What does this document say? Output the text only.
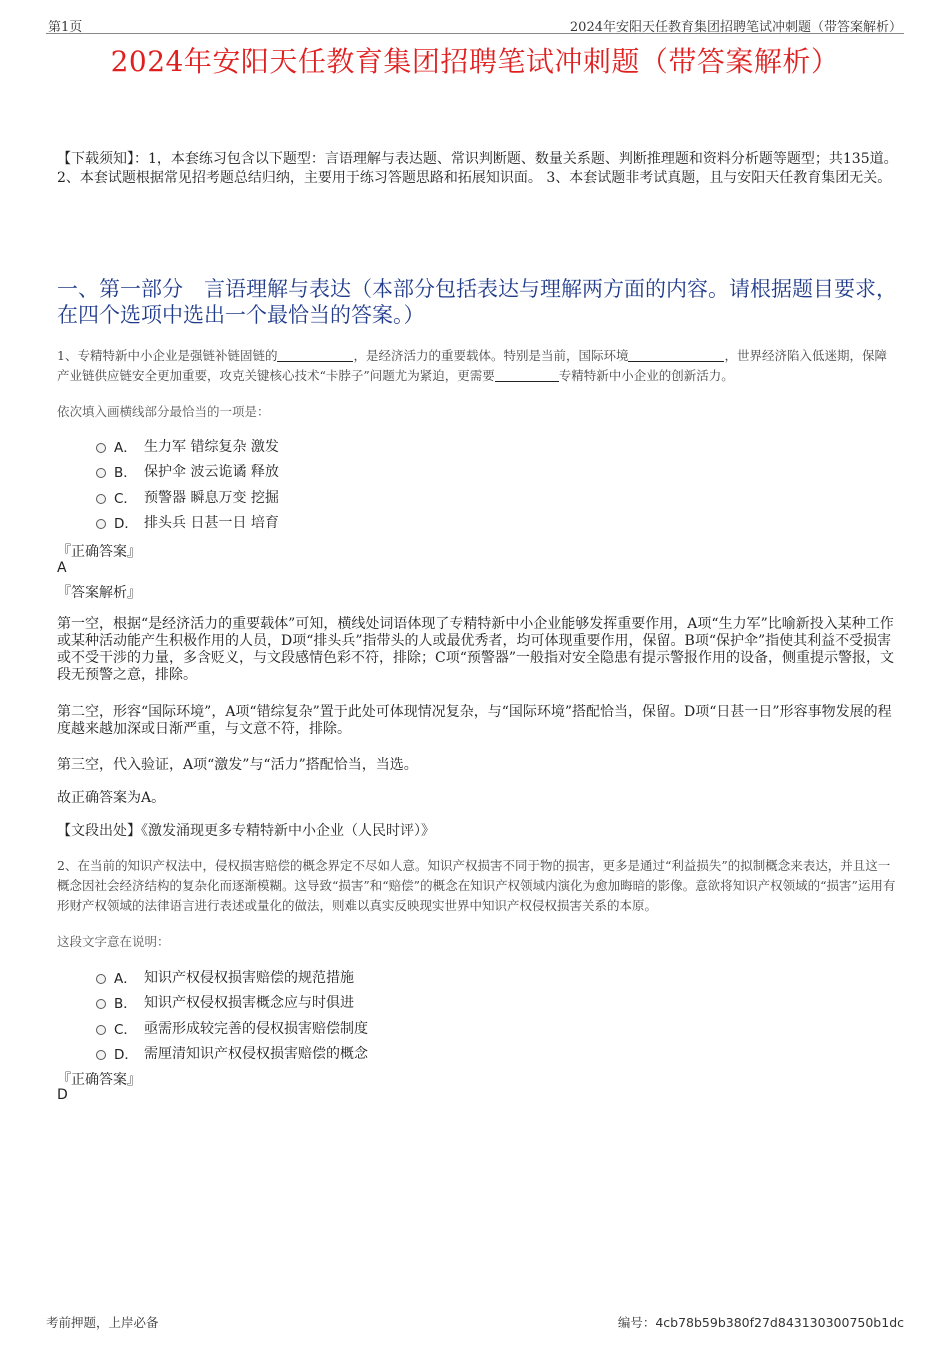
第1页	2024年安阳天任教育集团招聘笔试冲刺题（带答案解析）
2024年安阳天任教育集团招聘笔试冲刺题（带答案解析）
【下载须知】：1，本套练习包含以下题型：言语理解与表达题、常识判断题、数量关系题、判断推理题和资料分析题等题型；共135道。 2、本套试题根据常见招考题总结归纳，主要用于练习答题思路和拓展知识面。 3、本套试题非考试真题，且与安阳天任教育集团无关。
一、第一部分　言语理解与表达（本部分包括表达与理解两方面的内容。请根据题目要求，在四个选项中选出一个最恰当的答案。）
1、专精特新中小企业是强链补链固链的	，是经济活力的重要载体。特别是当前，国际环境	，世界经济陷入低迷期，保障产业链供应链安全更加重要，攻克关键核心技术“卡脖子”问题尤为紧迫，更需要	专精特新中小企业的创新活力。
依次填入画横线部分最恰当的一项是：
A． 生力军 错综复杂 激发
B． 保护伞 波云诡谲 释放
C． 预警器 瞬息万变 挖掘
D． 排头兵 日甚一日 培育
『正确答案』
A
『答案解析』
第一空，根据“是经济活力的重要载体”可知，横线处词语体现了专精特新中小企业能够发挥重要作用，A项“生力军”比喻新投入某种工作或某种活动能产生积极作用的人员，D项“排头兵”指带头的人或最优秀者，均可体现重要作用，保留。B项“保护伞”指使其利益不受损害或不受干涉的力量，多含贬义，与文段感情色彩不符，排除；C项“预警器”一般指对安全隐患有提示警报作用的设备，侧重提示警报，文段无预警之意，排除。
第二空，形容“国际环境”，A项“错综复杂”置于此处可体现情况复杂，与“国际环境”搭配恰当，保留。D项“日甚一日”形容事物发展的程度越来越加深或日渐严重，与文意不符，排除。
第三空，代入验证，A项“激发”与“活力”搭配恰当，当选。
故正确答案为A。
【文段出处】《激发涌现更多专精特新中小企业（人民时评）》
2、在当前的知识产权法中，侵权损害赔偿的概念界定不尽如人意。知识产权损害不同于物的损害，更多是通过“利益损失”的拟制概念来表达，并且这一概念因社会经济结构的复杂化而逐渐模糊。这导致“损害”和“赔偿”的概念在知识产权领域内演化为愈加晦暗的影像。意欲将知识产权领域的“损害”运用有形财产权领域的法律语言进行表述或量化的做法，则难以真实反映现实世界中知识产权侵权损害关系的本原。
这段文字意在说明：
A． 知识产权侵权损害赔偿的规范措施
B． 知识产权侵权损害概念应与时俱进
C． 亟需形成较完善的侵权损害赔偿制度
D． 需厘清知识产权侵权损害赔偿的概念
『正确答案』
D
考前押题，上岸必备	编号：4cb78b59b380f27d843130300750b1dc
